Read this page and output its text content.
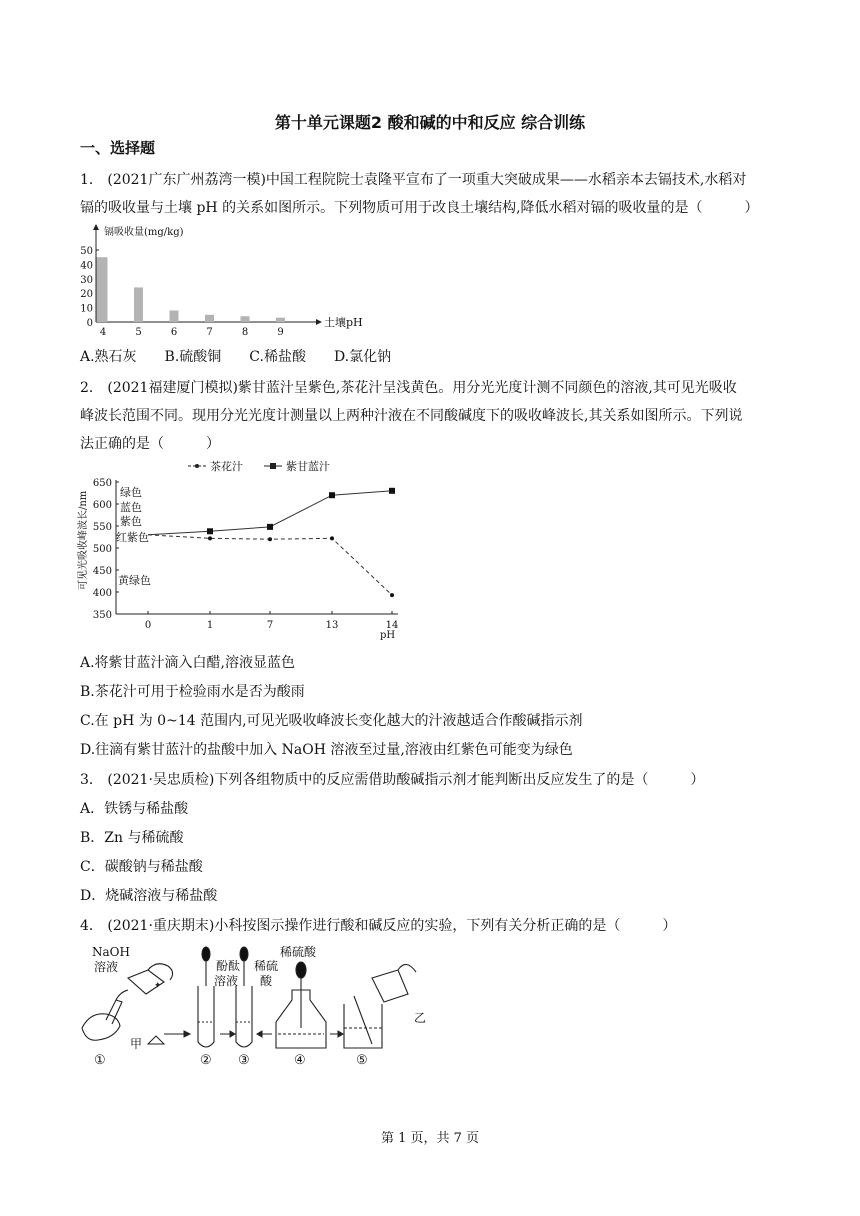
第十单元课题2 酸和碱的中和反应 综合训练
一、选择题
1． (2021广东广州荔湾一模)中国工程院院士袁隆平宣布了一项重大突破成果——水稻亲本去镉技术,水稻对
镉的吸收量与土壤 pH 的关系如图所示。下列物质可用于改良土壤结构,降低水稻对镉的吸收量的是（　　　）
镉吸收量(mg/kg)
土壤pH
0
10
20
30
40
50
4	5	6	7	8	9
A.熟石灰　　B.硫酸铜　　C.稀盐酸　　D.氯化钠
2． (2021福建厦门模拟)紫甘蓝汁呈紫色,茶花汁呈浅黄色。用分光光度计测不同颜色的溶液,其可见光吸收
峰波长范围不同。现用分光光度计测量以上两种汁液在不同酸碱度下的吸收峰波长,其关系如图所示。下列说
法正确的是（　　　）
茶花汁	紫甘蓝汁
可见光吸收峰波长/nm
pH
350
400
450
500
550
600
650
0	1	7	13	14
绿色
蓝色
紫色
红紫色
黄绿色
A.将紫甘蓝汁滴入白醋,溶液显蓝色
B.茶花汁可用于检验雨水是否为酸雨
C.在 pH 为 0~14 范围内,可见光吸收峰波长变化越大的汁液越适合作酸碱指示剂
D.往滴有紫甘蓝汁的盐酸中加入 NaOH 溶液至过量,溶液由红紫色可能变为绿色
3． (2021·吴忠质检)下列各组物质中的反应需借助酸碱指示剂才能判断出反应发生了的是（　　　）
A．铁锈与稀盐酸
B．Zn 与稀硫酸
C．碳酸钠与稀盐酸
D．烧碱溶液与稀盐酸
4． (2021·重庆期末)小科按图示操作进行酸和碱反应的实验，下列有关分析正确的是（　　　）
✦
NaOH
溶液
甲
酚酞
溶液
稀硫
酸
稀硫酸
乙
①	② ③	④	⑤
第 1 页，共 7 页
